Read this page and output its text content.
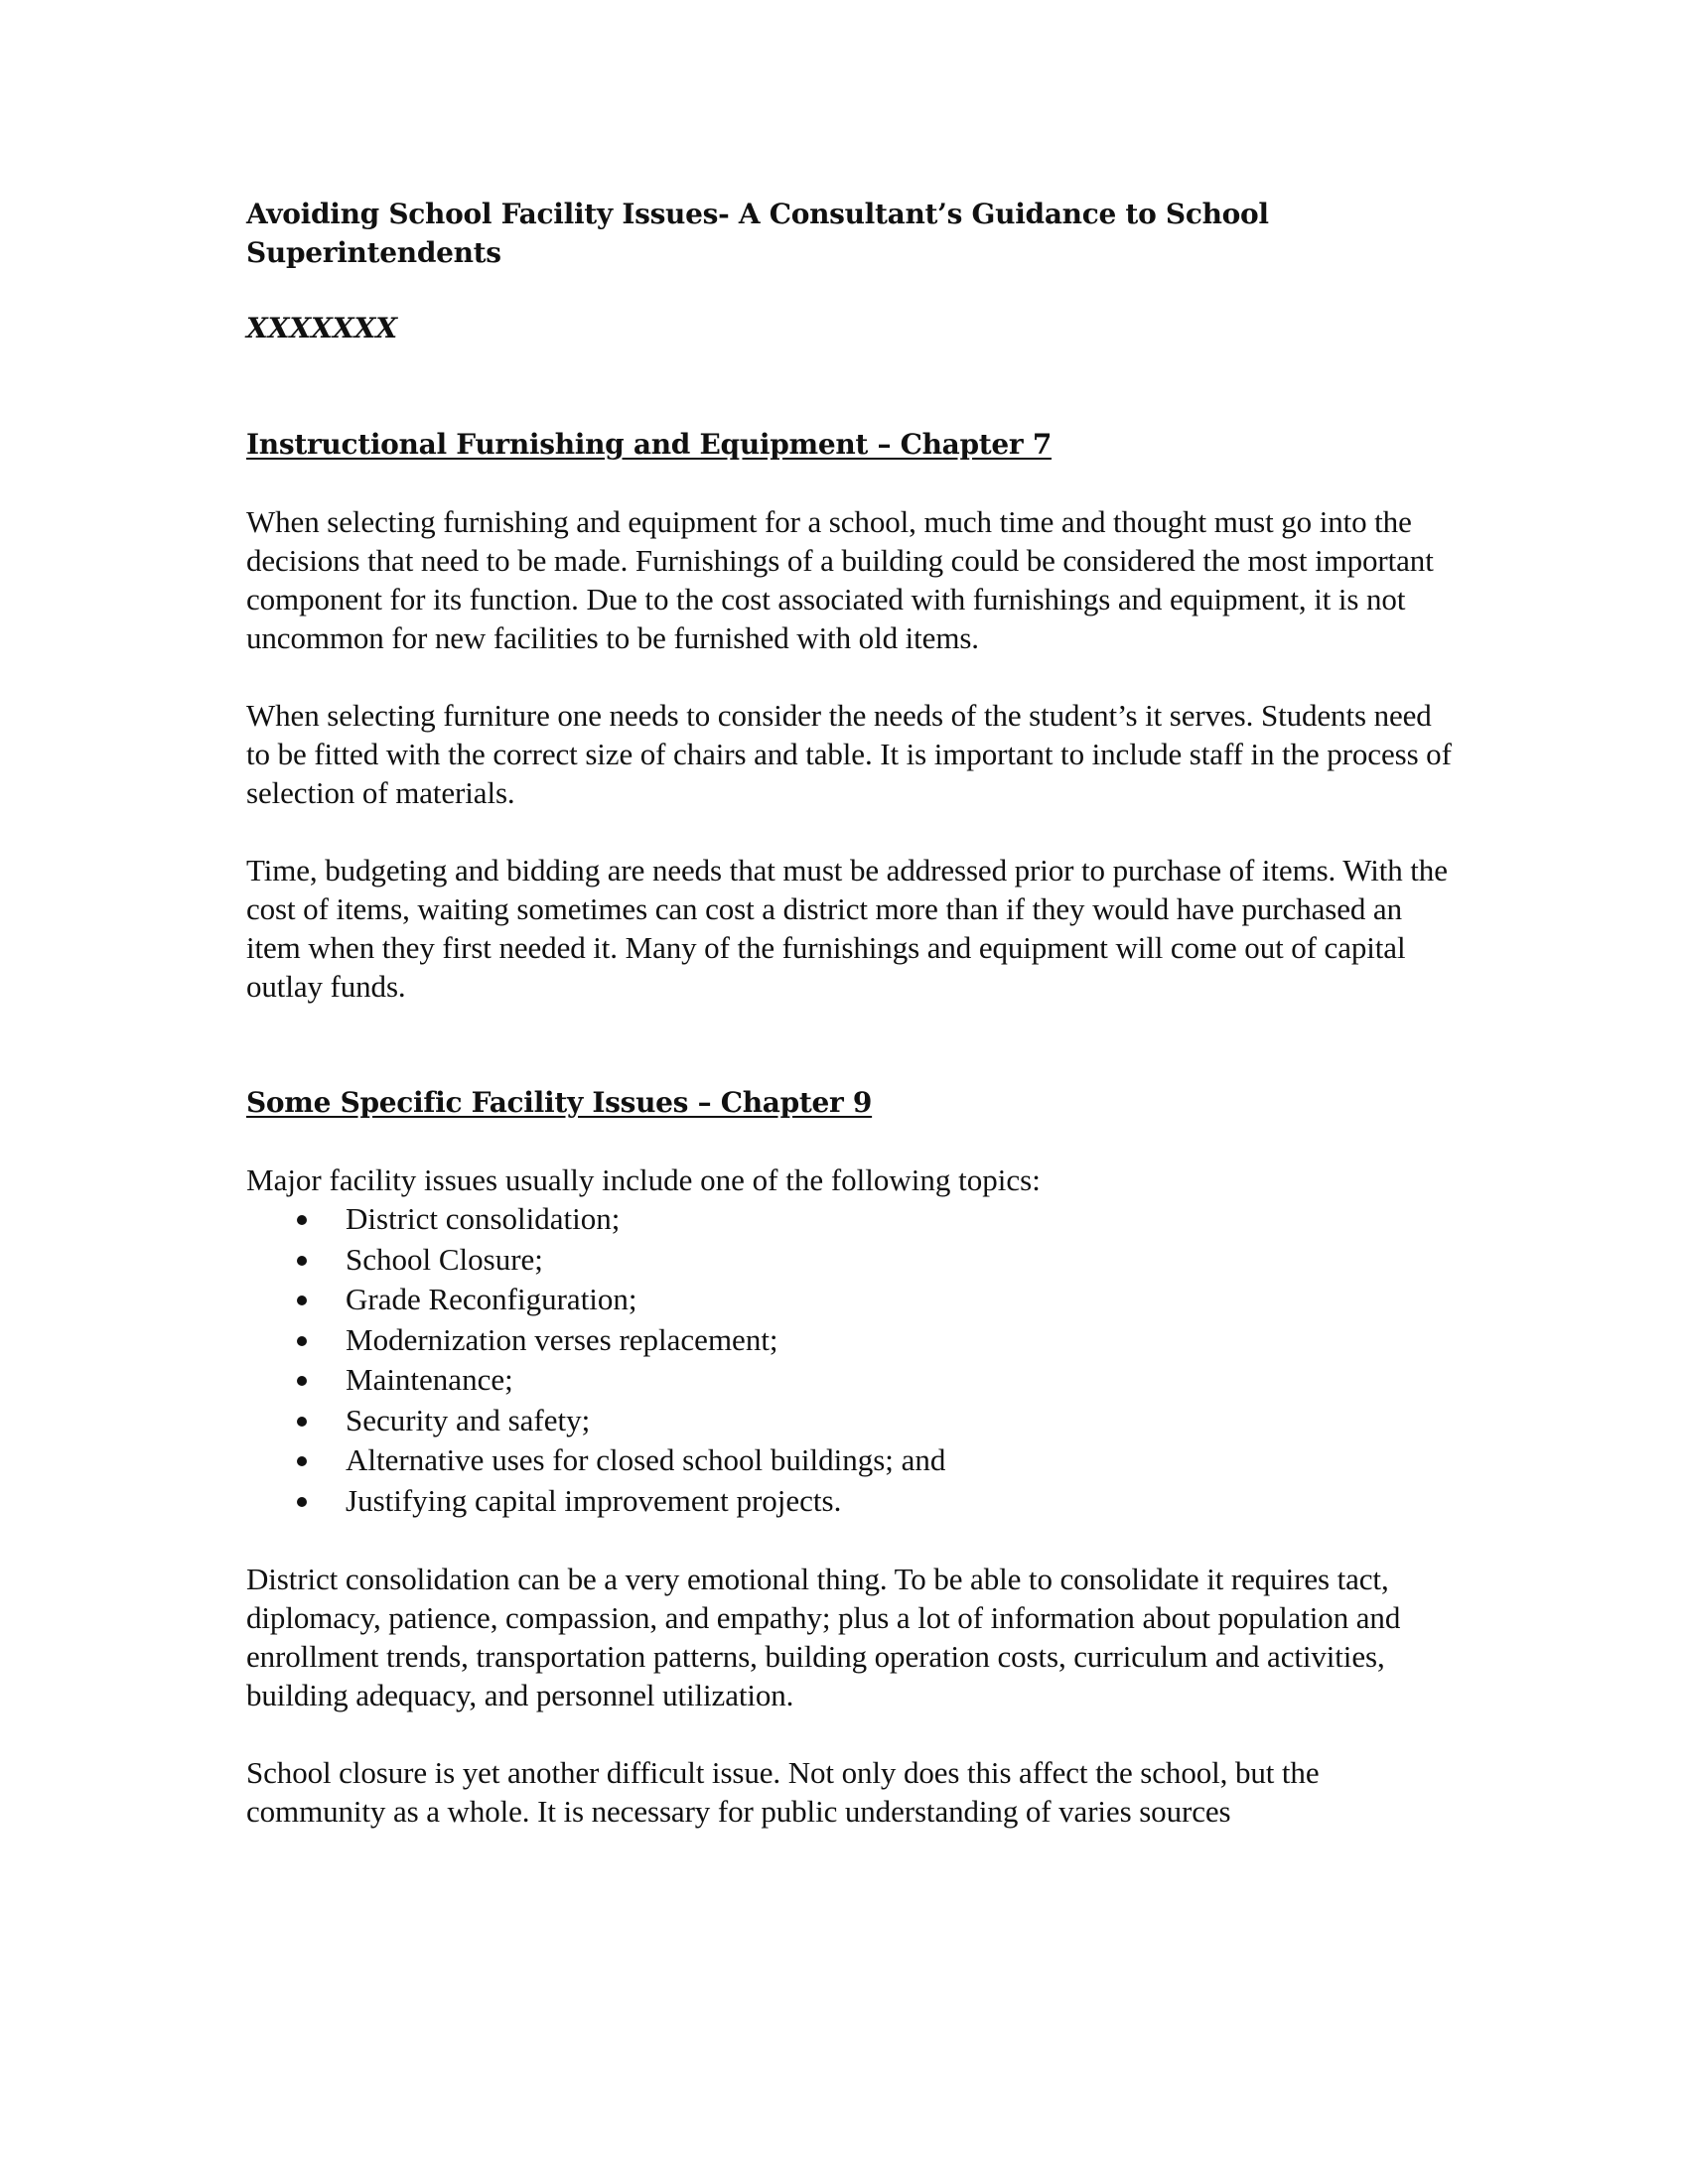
Avoiding School Facility Issues- A Consultant’s Guidance to School
Superintendents

XXXXXXX

Instructional Furnishing and Equipment – Chapter 7

When selecting furnishing and equipment for a school, much time and thought must go into the decisions that need to be made. Furnishings of a building could be considered the most important component for its function. Due to the cost associated with furnishings and equipment, it is not uncommon for new facilities to be furnished with old items.

When selecting furniture one needs to consider the needs of the student’s it serves. Students need to be fitted with the correct size of chairs and table. It is important to include staff in the process of selection of materials.

Time, budgeting and bidding are needs that must be addressed prior to purchase of items. With the cost of items, waiting sometimes can cost a district more than if they would have purchased an item when they first needed it. Many of the furnishings and equipment will come out of capital outlay funds.

Some Specific Facility Issues – Chapter 9

Major facility issues usually include one of the following topics:

District consolidation;
School Closure;
Grade Reconfiguration;
Modernization verses replacement;
Maintenance;
Security and safety;
Alternative uses for closed school buildings; and
Justifying capital improvement projects.

District consolidation can be a very emotional thing. To be able to consolidate it requires tact, diplomacy, patience, compassion, and empathy; plus a lot of information about population and enrollment trends, transportation patterns, building operation costs, curriculum and activities, building adequacy, and personnel utilization.

School closure is yet another difficult issue. Not only does this affect the school, but the community as a whole. It is necessary for public understanding of varies sources
